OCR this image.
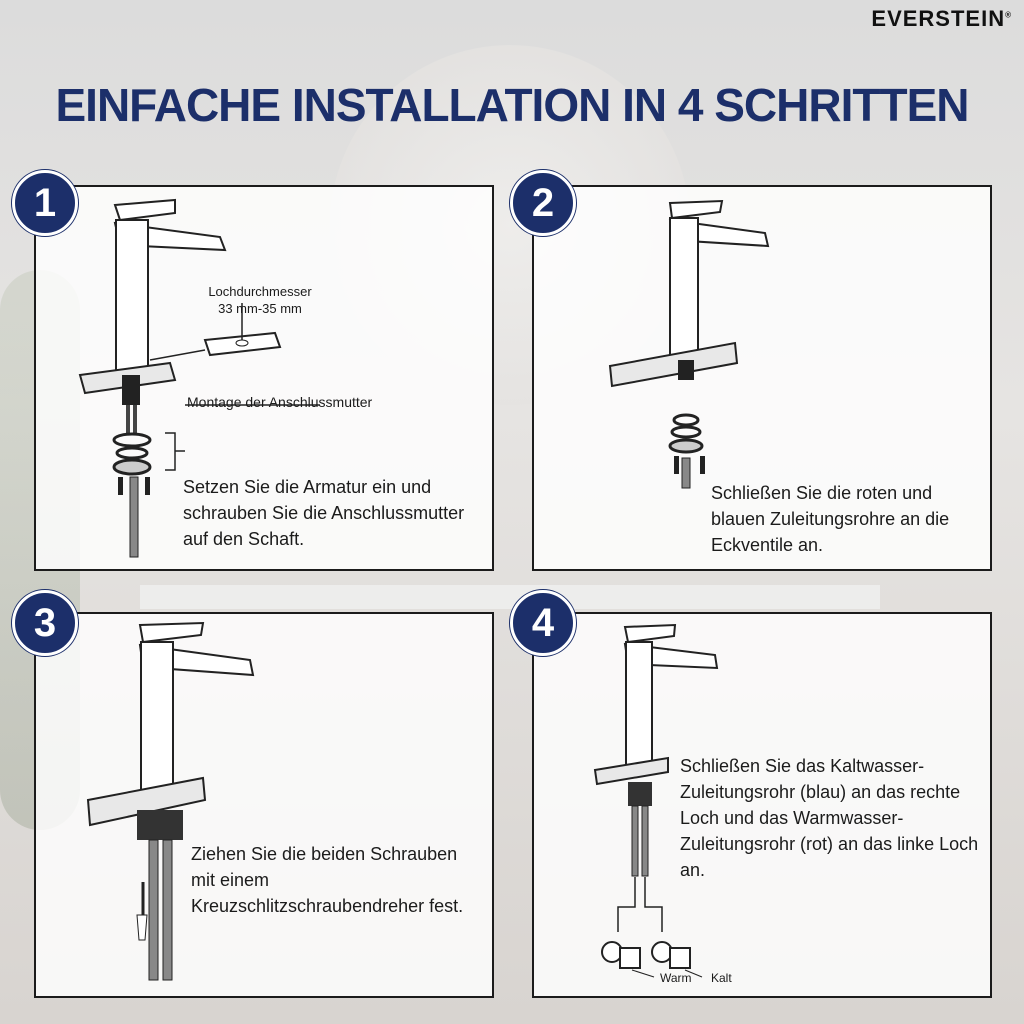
EVERSTEIN®
EINFACHE INSTALLATION IN 4 SCHRITTEN
1
Lochdurchmesser
33 mm-35 mm
Montage der Anschlussmutter
Setzen Sie die Armatur ein und schrauben Sie die Anschlussmutter auf den Schaft.
2
Schließen Sie die roten und blauen Zuleitungsrohre an die Eckventile an.
3
Ziehen Sie die beiden Schrauben mit einem Kreuzschlitzschraubendreher fest.
4
Warm Kalt
Schließen Sie das Kaltwasser-Zuleitungsrohr (blau) an das rechte Loch und das Warmwasser-Zuleitungsrohr (rot) an das linke Loch an.
